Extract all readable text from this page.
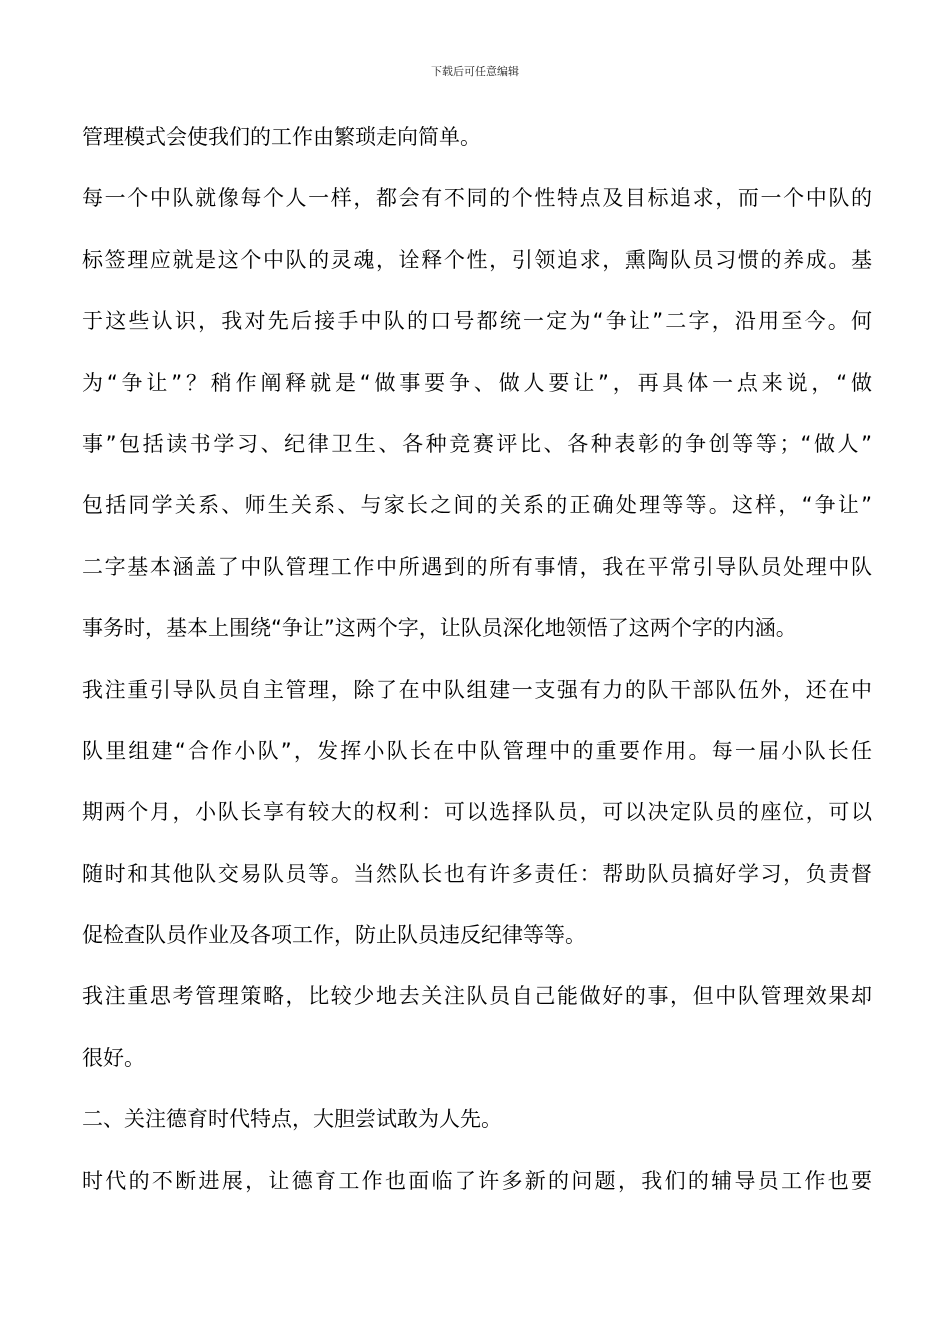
下载后可任意编辑
管理模式会使我们的工作由繁琐走向简单。
每一个中队就像每个人一样，都会有不同的个性特点及目标追求，而一个中队的
标签理应就是这个中队的灵魂，诠释个性，引领追求，熏陶队员习惯的养成。基
于这些认识，我对先后接手中队的口号都统一定为“争让”二字，沿用至今。何
为“争让”？稍作阐释就是“做事要争、做人要让”，再具体一点来说，“做
事”包括读书学习、纪律卫生、各种竞赛评比、各种表彰的争创等等；“做人”
包括同学关系、师生关系、与家长之间的关系的正确处理等等。这样，“争让”
二字基本涵盖了中队管理工作中所遇到的所有事情，我在平常引导队员处理中队
事务时，基本上围绕“争让”这两个字，让队员深化地领悟了这两个字的内涵。
我注重引导队员自主管理，除了在中队组建一支强有力的队干部队伍外，还在中
队里组建“合作小队”，发挥小队长在中队管理中的重要作用。每一届小队长任
期两个月，小队长享有较大的权利：可以选择队员，可以决定队员的座位，可以
随时和其他队交易队员等。当然队长也有许多责任：帮助队员搞好学习，负责督
促检查队员作业及各项工作，防止队员违反纪律等等。
我注重思考管理策略，比较少地去关注队员自己能做好的事，但中队管理效果却
很好。
二、关注德育时代特点，大胆尝试敢为人先。
时代的不断进展，让德育工作也面临了许多新的问题，我们的辅导员工作也要
